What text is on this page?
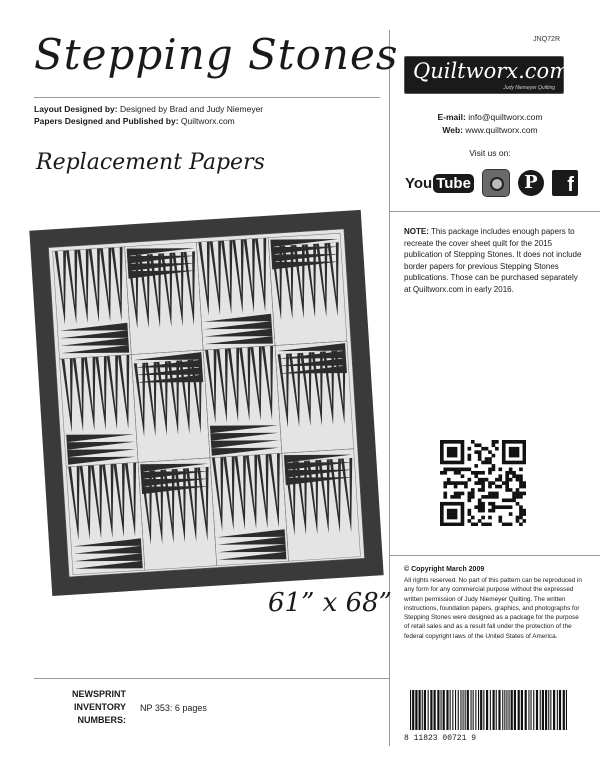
Stepping Stones
Layout Designed by: Designed by Brad and Judy Niemeyer
Papers Designed and Published by: Quiltworx.com
Replacement Papers
61” x 68”
NEWSPRINT INVENTORY NUMBERS:
NP 353: 6 pages
JNQ72R
Quiltworx.com
Judy Niemeyer Quilting
E-mail: info@quiltworx.com
Web: www.quiltworx.com
Visit us on:
You Tube	P	f
NOTE: This package includes enough papers to recreate the cover sheet quilt for the 2015 publication of Stepping Stones. It does not include border papers for previous Stepping Stones publications. Those can be purchased separately at Quiltworx.com in early 2016.
© Copyright March 2009
All rights reserved. No part of this pattern can be reproduced in any form for any commercial purpose without the expressed written permission of Judy Niemeyer Quilting. The written instructions, foundation papers, graphics, and photographs for Stepping Stones were designed as a package for the purpose of retail sales and as a result fall under the protection of the federal copyright laws of the United States of America.
8 11823 00721 9
